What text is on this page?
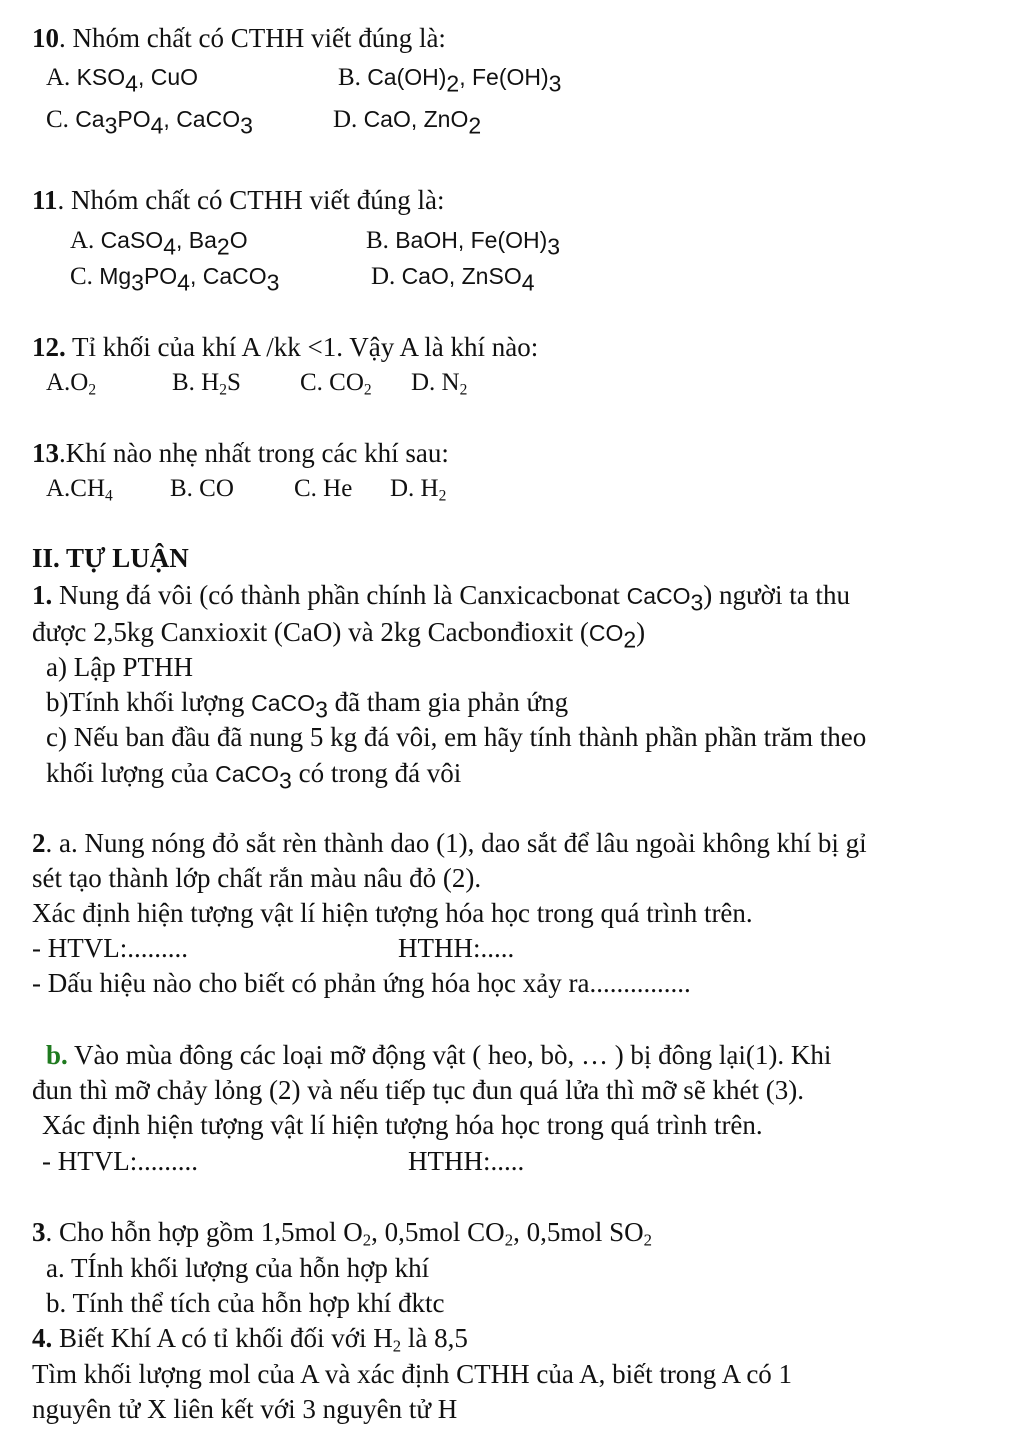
10. Nhóm chất có CTHH viết đúng là:
A. $KSO_4$, CuO	B. $Ca(OH)_2$, $Fe(OH)_3$
C. $Ca_3PO_4$, CaCO$_3$	D. CaO, ZnO$_2$
11. Nhóm chất có CTHH viết đúng là:
A. CaSO$_4$, $Ba_2O$	B. BaOH, $Fe(OH)_3$
C. $Mg_3PO_4$, CaCO$_3$	D. CaO, ZnSO$_4$
12. Tỉ khối của khí A /kk <1. Vậy A là khí nào:
$A.O_2$	B. $H_2S$ C. $CO_2$ D. $N_2$
13.Khí nào nhẹ nhất trong các khí sau:
$A.CH_4$ B. CO C. He D. $H_2$
II. TỰ LUẬN
1. Nung đá vôi (có thành phần chính là Canxicacbonat CaCO$_3$) người ta thu
được 2,5kg Canxioxit (CaO) và 2kg Cacbonđioxit $(CO_2)$
a) Lập PTHH
b)Tính khối lượng CaCO$_3$ đã tham gia phản ứng
c) Nếu ban đầu đã nung 5 kg đá vôi, em hãy tính thành phần phần trăm theo
khối lượng của CaCO$_3$ có trong đá vôi
2. a. Nung nóng đỏ sắt rèn thành dao (1), dao sắt để lâu ngoài không khí bị gỉ
sét tạo thành lớp chất rắn màu nâu đỏ (2).
Xác định hiện tượng vật lí hiện tượng hóa học trong quá trình trên.
- HTVL:.........	HTHH:.....
- Dấu hiệu nào cho biết có phản ứng hóa học xảy ra...............
b. Vào mùa đông các loại mỡ động vật ( heo, bò, … ) bị đông lại(1). Khi
đun thì mỡ chảy lỏng (2) và nếu tiếp tục đun quá lửa thì mỡ sẽ khét (3).
Xác định hiện tượng vật lí hiện tượng hóa học trong quá trình trên.
- HTVL:.........	HTHH:.....
3. Cho hỗn hợp gồm 1,5mol $O_2$, 0,5mol $CO_2$, 0,5mol $SO_2$
a. TÍnh khối lượng của hỗn hợp khí
b. Tính thể tích của hỗn hợp khí đktc
4. Biết Khí A có tỉ khối đối với $H_2$ là 8,5
Tìm khối lượng mol của A và xác định CTHH của A, biết trong A có 1
nguyên tử X liên kết với 3 nguyên tử H
